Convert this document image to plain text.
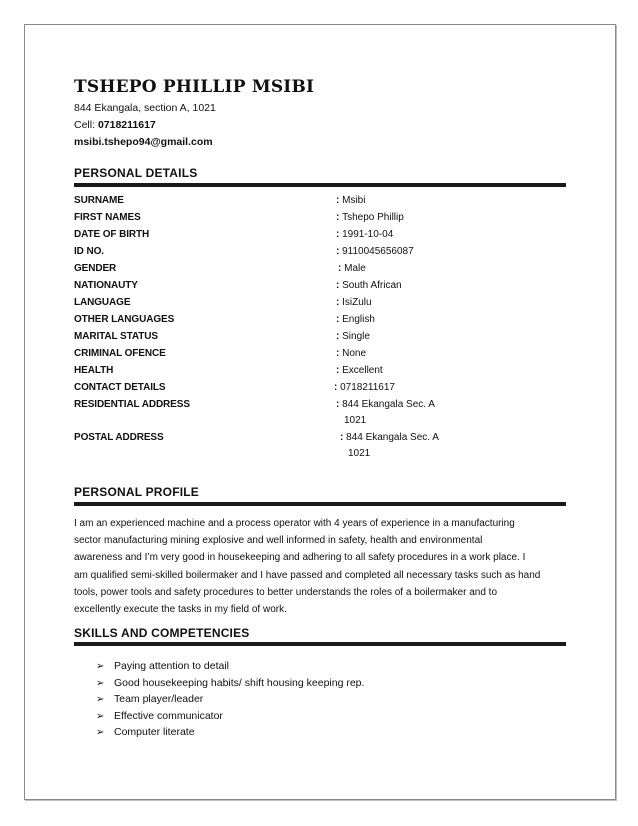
TSHEPO PHILLIP MSIBI
844 Ekangala, section A, 1021
Cell: 0718211617
msibi.tshepo94@gmail.com
PERSONAL DETAILS
SURNAME	: Msibi
FIRST NAMES	: Tshepo Phillip
DATE OF BIRTH	: 1991-10-04
ID NO.	: 9110045656087
GENDER	: Male
NATIONAUTY	: South African
LANGUAGE	: IsiZulu
OTHER LANGUAGES	: English
MARITAL STATUS	: Single
CRIMINAL OFENCE	: None
HEALTH	: Excellent
CONTACT DETAILS	: 0718211617
RESIDENTIAL ADDRESS	: 844 Ekangala Sec. A
1021
POSTAL ADDRESS	: 844 Ekangala Sec. A
1021
PERSONAL PROFILE
I am an experienced machine and a process operator with 4 years of experience in a manufacturing
sector manufacturing mining explosive and well informed in safety, health and environmental
awareness and I’m very good in housekeeping and adhering to all safety procedures in a work place. I
am qualified semi-skilled boilermaker and I have passed and completed all necessary tasks such as hand
tools, power tools and safety procedures to better understands the roles of a boilermaker and to
excellently execute the tasks in my field of work.
SKILLS AND COMPETENCIES
➢ Paying attention to detail
➢ Good housekeeping habits/ shift housing keeping rep.
➢ Team player/leader
➢ Effective communicator
➢ Computer literate
